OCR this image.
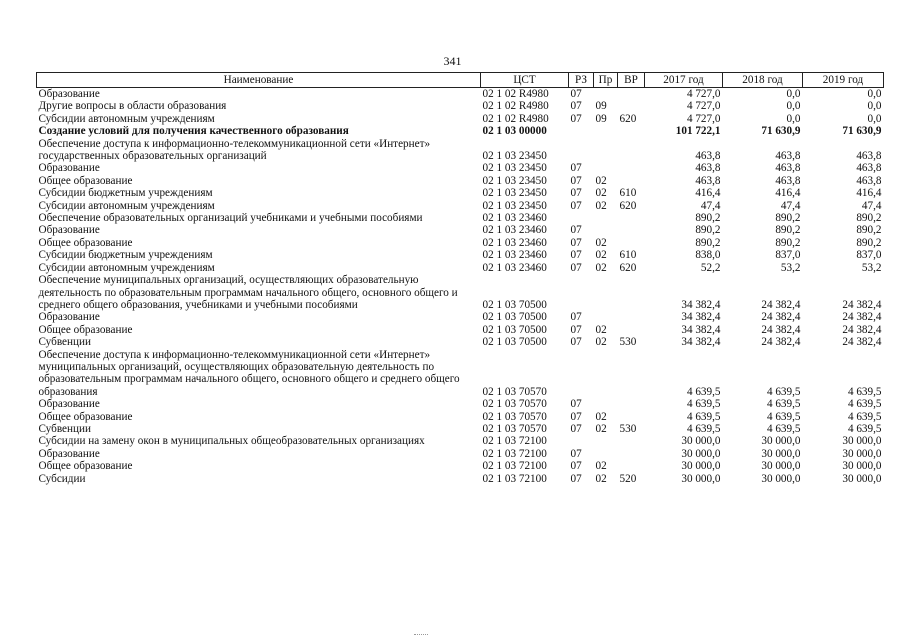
341
Наименование	ЦСТ	РЗ	Пр	ВР	2017 год	2018 год	2019 год
Образование	02 1 02 R4980	07			4 727,0	0,0	0,0
Другие вопросы в области образования	02 1 02 R4980	07	09		4 727,0	0,0	0,0
Субсидии автономным учреждениям	02 1 02 R4980	07	09	620	4 727,0	0,0	0,0
Создание условий для получения качественного образования	02 1 03 00000				101 722,1	71 630,9	71 630,9
Обеспечение доступа к информационно-телекоммуникационной сети «Интернет» государственных образовательных организаций	02 1 03 23450				463,8	463,8	463,8
Образование	02 1 03 23450	07			463,8	463,8	463,8
Общее образование	02 1 03 23450	07	02		463,8	463,8	463,8
Субсидии бюджетным учреждениям	02 1 03 23450	07	02	610	416,4	416,4	416,4
Субсидии автономным учреждениям	02 1 03 23450	07	02	620	47,4	47,4	47,4
Обеспечение образовательных организаций учебниками и учебными пособиями	02 1 03 23460				890,2	890,2	890,2
Образование	02 1 03 23460	07			890,2	890,2	890,2
Общее образование	02 1 03 23460	07	02		890,2	890,2	890,2
Субсидии бюджетным учреждениям	02 1 03 23460	07	02	610	838,0	837,0	837,0
Субсидии автономным учреждениям	02 1 03 23460	07	02	620	52,2	53,2	53,2
Обеспечение муниципальных организаций, осуществляющих образовательную деятельность по образовательным программам начального общего, основного общего и среднего общего образования, учебниками и учебными пособиями	02 1 03 70500				34 382,4	24 382,4	24 382,4
Образование	02 1 03 70500	07			34 382,4	24 382,4	24 382,4
Общее образование	02 1 03 70500	07	02		34 382,4	24 382,4	24 382,4
Субвенции	02 1 03 70500	07	02	530	34 382,4	24 382,4	24 382,4
Обеспечение доступа к информационно-телекоммуникационной сети «Интернет» муниципальных организаций, осуществляющих образовательную деятельность по образовательным программам начального общего, основного общего и среднего общего образования	02 1 03 70570				4 639,5	4 639,5	4 639,5
Образование	02 1 03 70570	07			4 639,5	4 639,5	4 639,5
Общее образование	02 1 03 70570	07	02		4 639,5	4 639,5	4 639,5
Субвенции	02 1 03 70570	07	02	530	4 639,5	4 639,5	4 639,5
Субсидии на замену окон в муниципальных общеобразовательных организациях	02 1 03 72100				30 000,0	30 000,0	30 000,0
Образование	02 1 03 72100	07			30 000,0	30 000,0	30 000,0
Общее образование	02 1 03 72100	07	02		30 000,0	30 000,0	30 000,0
Субсидии	02 1 03 72100	07	02	520	30 000,0	30 000,0	30 000,0
